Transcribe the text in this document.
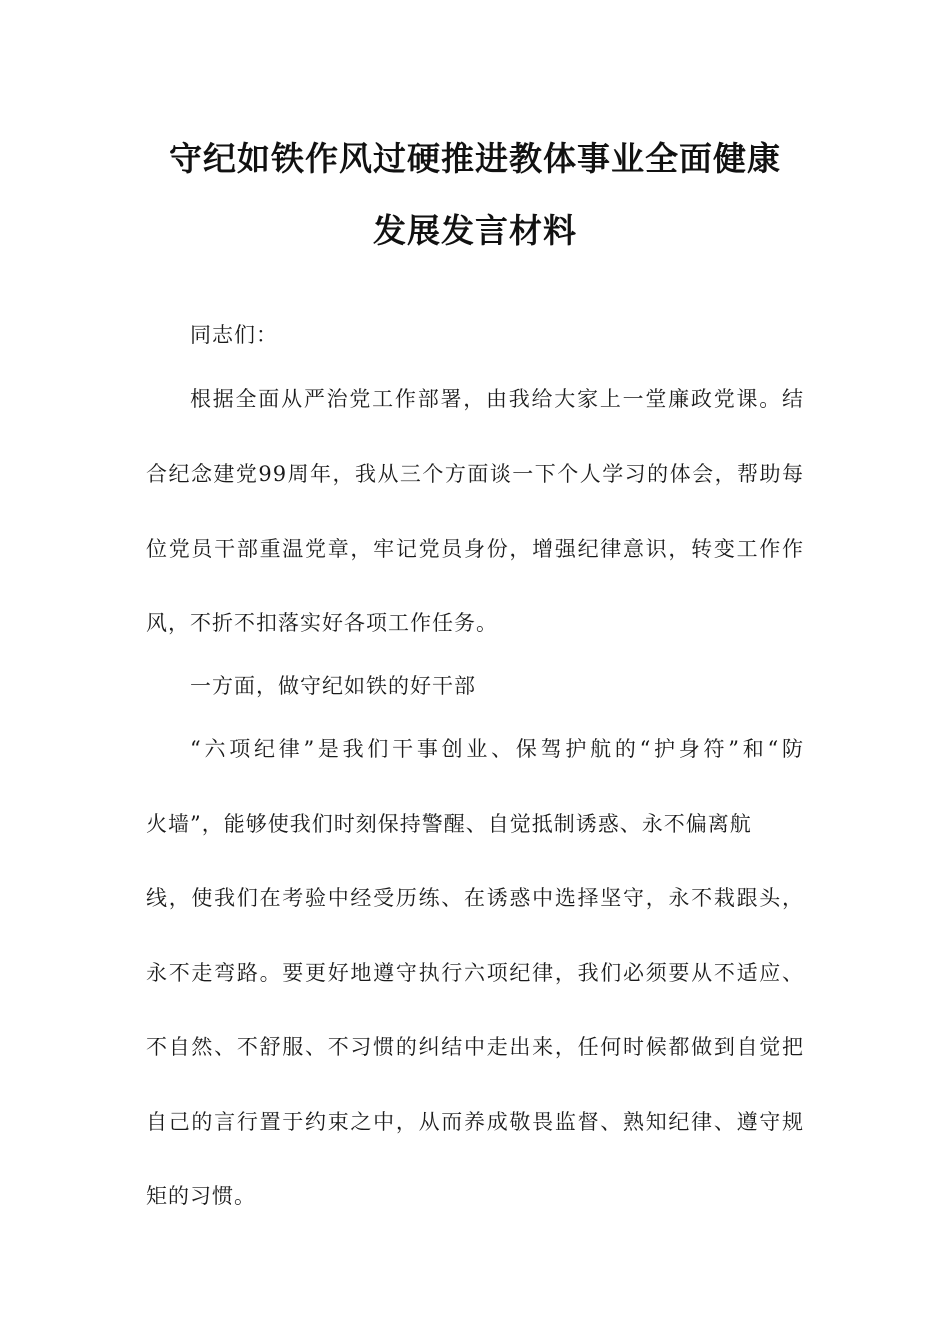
守纪如铁作风过硬推进教体事业全面健康
发展发言材料
同志们：
根据全面从严治党工作部署，由我给大家上一堂廉政党课。结
合纪念建党99周年，我从三个方面谈一下个人学习的体会，帮助每
位党员干部重温党章，牢记党员身份，增强纪律意识，转变工作作
风，不折不扣落实好各项工作任务。
一方面，做守纪如铁的好干部
“六项纪律”是我们干事创业、保驾护航的“护身符”和“防
火墙”，能够使我们时刻保持警醒、自觉抵制诱惑、永不偏离航
线，使我们在考验中经受历练、在诱惑中选择坚守，永不栽跟头，
永不走弯路。要更好地遵守执行六项纪律，我们必须要从不适应、
不自然、不舒服、不习惯的纠结中走出来，任何时候都做到自觉把
自己的言行置于约束之中，从而养成敬畏监督、熟知纪律、遵守规
矩的习惯。
